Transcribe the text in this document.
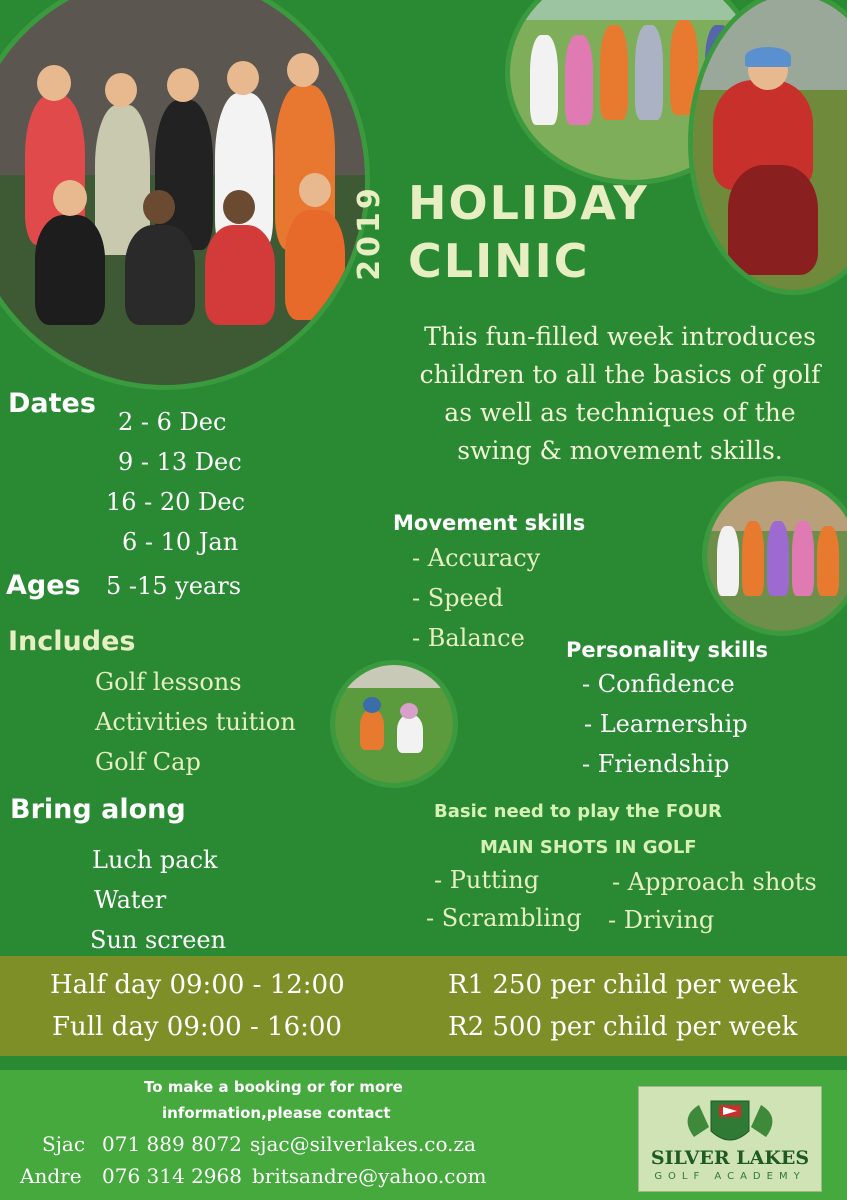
2019 HOLIDAY
CLINIC
This fun-filled week introduces
children to all the basics of golf
as well as techniques of the
swing & movement skills.
Dates
2 - 6 Dec
9 - 13 Dec
16 - 20 Dec
6 - 10 Jan
Ages 5 -15 years
Includes
Golf lessons
Activities tuition
Golf Cap
Bring along
Luch pack
Water
Sun screen
Movement skills
- Accuracy
- Speed
- Balance Personality skills
- Confidence
- Learnership
- Friendship
Basic need to play the FOUR
MAIN SHOTS IN GOLF
- Putting	- Approach shots
- Scrambling - Driving
Half day 09:00 - 12:00	R1 250 per child per week
Full day 09:00 - 16:00	R2 500 per child per week
To make a booking or for more
information,please contact
Sjac 071 889 8072 sjac@silverlakes.co.za
Andre 076 314 2968 britsandre@yahoo.com
SILVER LAKES
GOLF ACADEMY
